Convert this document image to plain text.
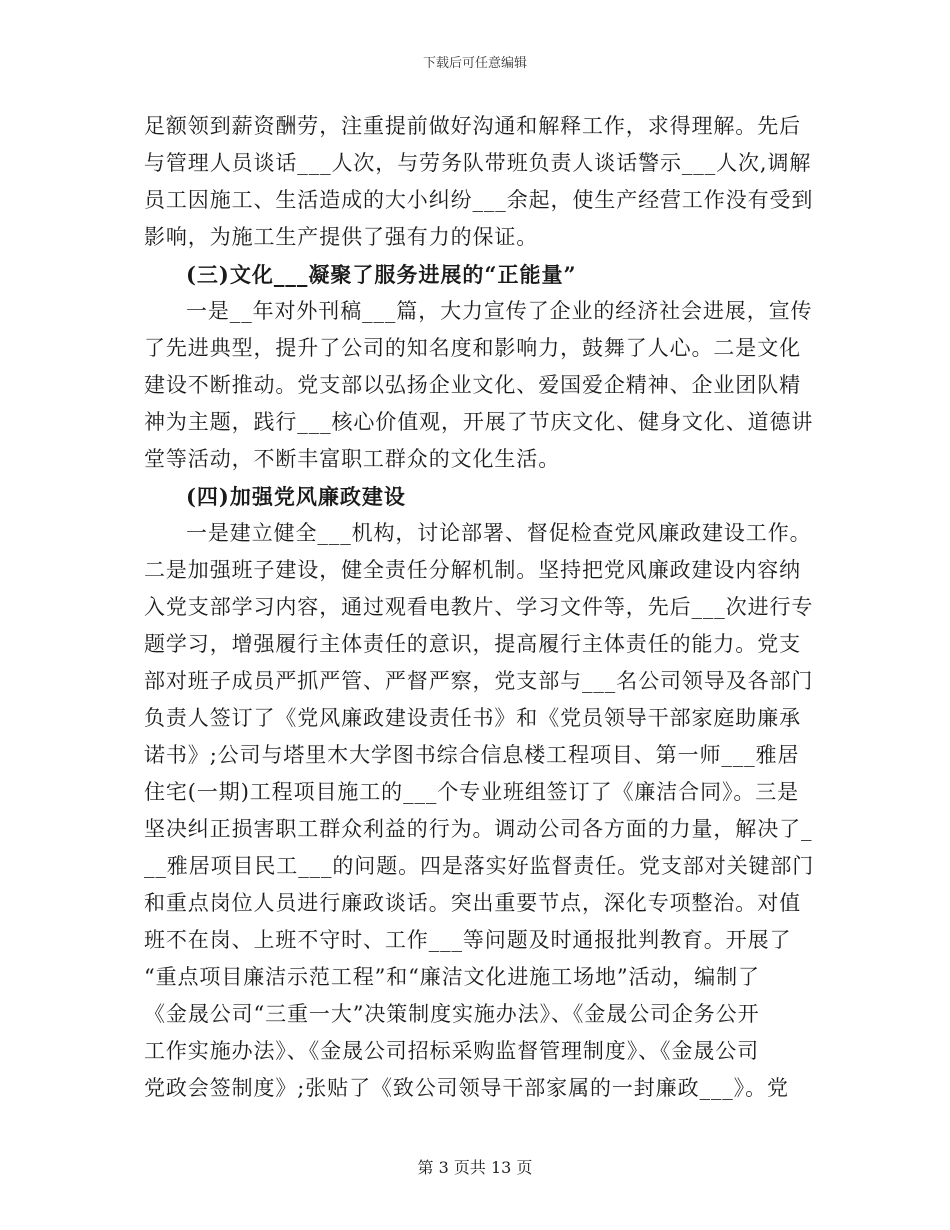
下载后可任意编辑

足额领到薪资酬劳，注重提前做好沟通和解释工作，求得理解。先后

与管理人员谈话___人次，与劳务队带班负责人谈话警示___人次,调解

员工因施工、生活造成的大小纠纷___余起，使生产经营工作没有受到

影响，为施工生产提供了强有力的保证。

(三)文化___凝聚了服务进展的“正能量”

一是__年对外刊稿___篇，大力宣传了企业的经济社会进展，宣传

了先进典型，提升了公司的知名度和影响力，鼓舞了人心。二是文化

建设不断推动。党支部以弘扬企业文化、爱国爱企精神、企业团队精

神为主题，践行___核心价值观，开展了节庆文化、健身文化、道德讲

堂等活动，不断丰富职工群众的文化生活。

(四)加强党风廉政建设

一是建立健全___机构，讨论部署、督促检查党风廉政建设工作。

二是加强班子建设，健全责任分解机制。坚持把党风廉政建设内容纳

入党支部学习内容，通过观看电教片、学习文件等，先后___次进行专

题学习，增强履行主体责任的意识，提高履行主体责任的能力。党支

部对班子成员严抓严管、严督严察，党支部与___名公司领导及各部门

负责人签订了《党风廉政建设责任书》和《党员领导干部家庭助廉承

诺书》;公司与塔里木大学图书综合信息楼工程项目、第一师___雅居

住宅(一期)工程项目施工的___个专业班组签订了《廉洁合同》。三是

坚决纠正损害职工群众利益的行为。调动公司各方面的力量，解决了_

__雅居项目民工___的问题。四是落实好监督责任。党支部对关键部门

和重点岗位人员进行廉政谈话。突出重要节点，深化专项整治。对值

班不在岗、上班不守时、工作___等问题及时通报批判教育。开展了

“重点项目廉洁示范工程”和“廉洁文化进施工场地”活动，编制了

《金晟公司“三重一大”决策制度实施办法》、《金晟公司企务公开

工作实施办法》、《金晟公司招标采购监督管理制度》、《金晟公司

党政会签制度》;张贴了《致公司领导干部家属的一封廉政___》。党

第 3 页共 13 页
